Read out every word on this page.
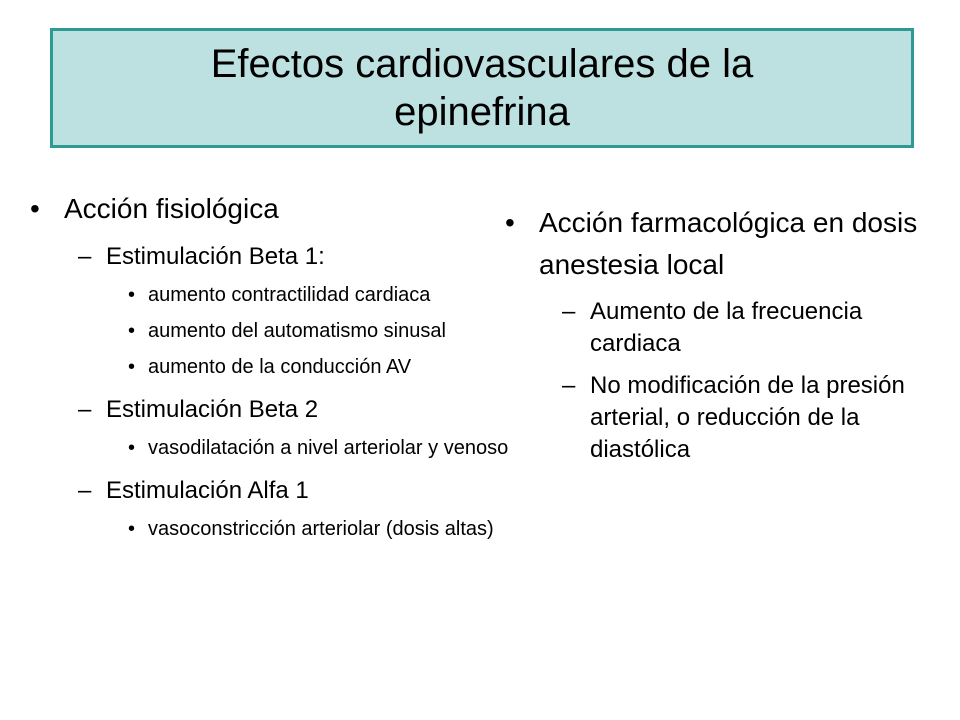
Efectos cardiovasculares de la
epinefrina
• Acción fisiológica
– Estimulación Beta 1:
• aumento contractilidad cardiaca
• aumento del automatismo sinusal
• aumento de la conducción AV
– Estimulación Beta 2
• vasodilatación a nivel arteriolar y venoso
– Estimulación Alfa 1
• vasoconstricción arteriolar (dosis altas)
• Acción farmacológica en dosis anestesia local
– Aumento de la frecuencia cardiaca
– No modificación de la presión arterial, o reducción de la diastólica
